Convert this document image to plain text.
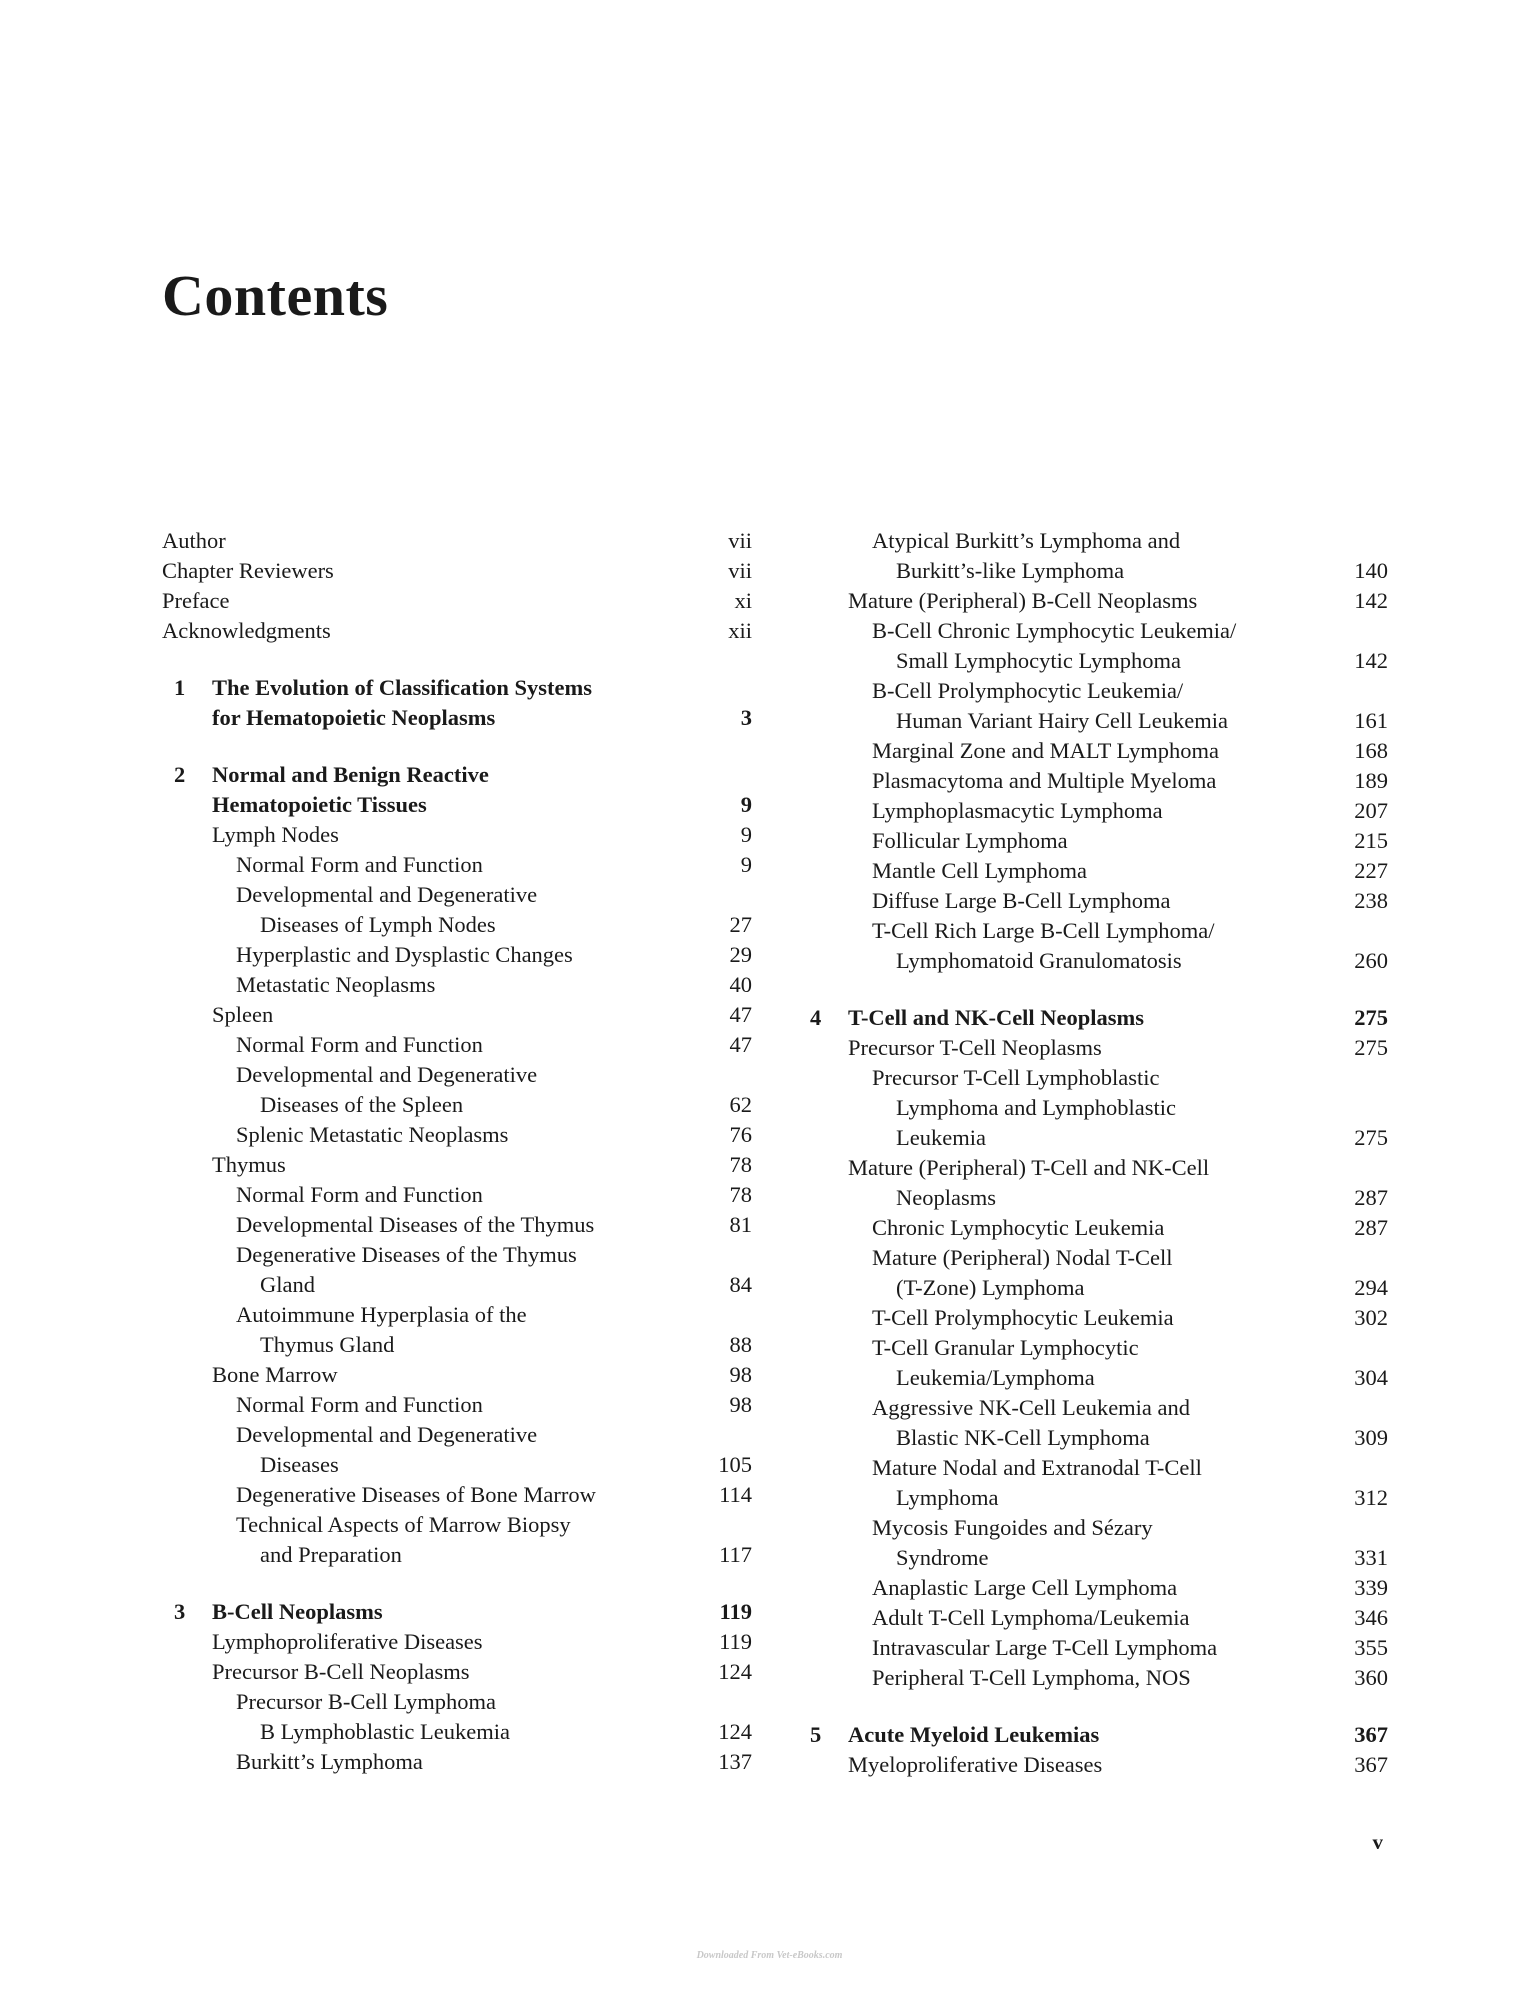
Contents
Author	vii
Chapter Reviewers	vii
Preface	xi
Acknowledgments	xii
1 The Evolution of Classification Systems
for Hematopoietic Neoplasms	3
2 Normal and Benign Reactive
Hematopoietic Tissues	9
Lymph Nodes	9
Normal Form and Function	9
Developmental and Degenerative
Diseases of Lymph Nodes	27
Hyperplastic and Dysplastic Changes	29
Metastatic Neoplasms	40
Spleen	47
Normal Form and Function	47
Developmental and Degenerative
Diseases of the Spleen	62
Splenic Metastatic Neoplasms	76
Thymus	78
Normal Form and Function	78
Developmental Diseases of the Thymus	81
Degenerative Diseases of the Thymus
Gland	84
Autoimmune Hyperplasia of the
Thymus Gland	88
Bone Marrow	98
Normal Form and Function	98
Developmental and Degenerative
Diseases	105
Degenerative Diseases of Bone Marrow	114
Technical Aspects of Marrow Biopsy
and Preparation	117
3 B-Cell Neoplasms	119
Lymphoproliferative Diseases	119
Precursor B-Cell Neoplasms	124
Precursor B-Cell Lymphoma
B Lymphoblastic Leukemia	124
Burkitt’s Lymphoma	137
Atypical Burkitt’s Lymphoma and
Burkitt’s-like Lymphoma	140
Mature (Peripheral) B-Cell Neoplasms	142
B-Cell Chronic Lymphocytic Leukemia/
Small Lymphocytic Lymphoma	142
B-Cell Prolymphocytic Leukemia/
Human Variant Hairy Cell Leukemia	161
Marginal Zone and MALT Lymphoma	168
Plasmacytoma and Multiple Myeloma	189
Lymphoplasmacytic Lymphoma	207
Follicular Lymphoma	215
Mantle Cell Lymphoma	227
Diffuse Large B-Cell Lymphoma	238
T-Cell Rich Large B-Cell Lymphoma/
Lymphomatoid Granulomatosis	260
4 T-Cell and NK-Cell Neoplasms	275
Precursor T-Cell Neoplasms	275
Precursor T-Cell Lymphoblastic
Lymphoma and Lymphoblastic
Leukemia	275
Mature (Peripheral) T-Cell and NK-Cell
Neoplasms	287
Chronic Lymphocytic Leukemia	287
Mature (Peripheral) Nodal T-Cell
(T-Zone) Lymphoma	294
T-Cell Prolymphocytic Leukemia	302
T-Cell Granular Lymphocytic
Leukemia/Lymphoma	304
Aggressive NK-Cell Leukemia and
Blastic NK-Cell Lymphoma	309
Mature Nodal and Extranodal T-Cell
Lymphoma	312
Mycosis Fungoides and Sézary
Syndrome	331
Anaplastic Large Cell Lymphoma	339
Adult T-Cell Lymphoma/Leukemia	346
Intravascular Large T-Cell Lymphoma	355
Peripheral T-Cell Lymphoma, NOS	360
5 Acute Myeloid Leukemias	367
Myeloproliferative Diseases	367
v
Downloaded From Vet-eBooks.com
